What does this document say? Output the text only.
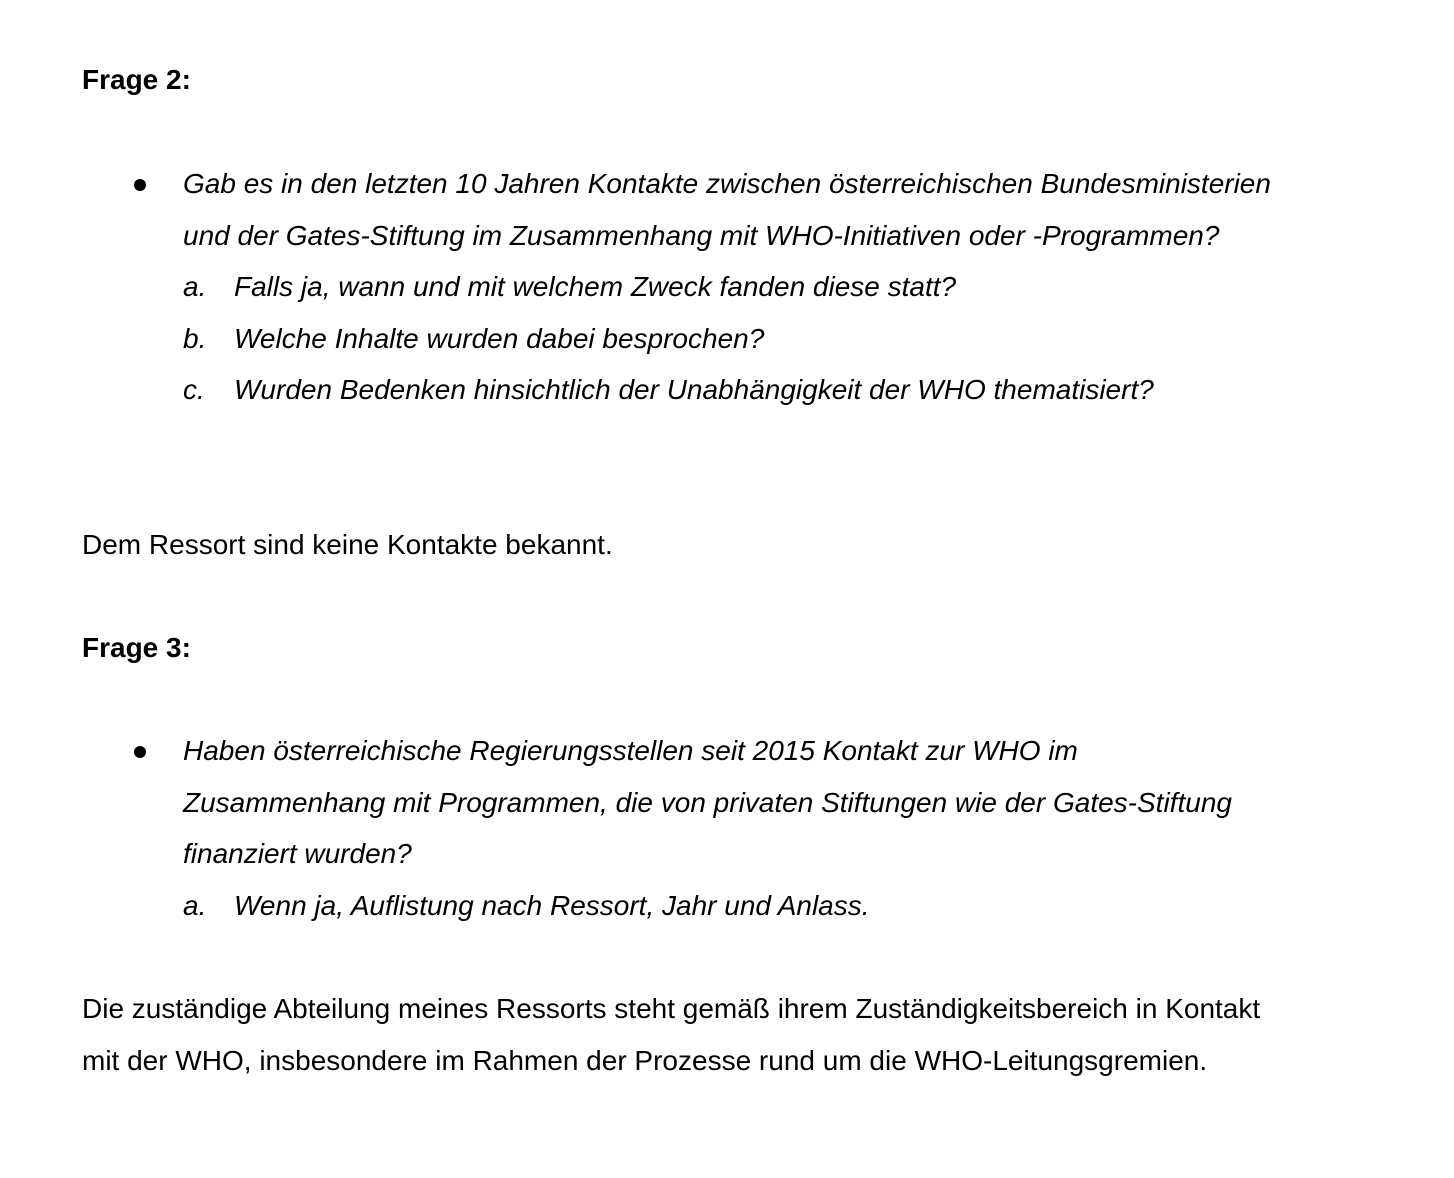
Frage 2:

Gab es in den letzten 10 Jahren Kontakte zwischen österreichischen Bundesministerien und der Gates-Stiftung im Zusammenhang mit WHO-Initiativen oder -Programmen?

a. Falls ja, wann und mit welchem Zweck fanden diese statt?
b. Welche Inhalte wurden dabei besprochen?
c.	Wurden Bedenken hinsichtlich der Unabhängigkeit der WHO thematisiert?

Dem Ressort sind keine Kontakte bekannt.

Frage 3:

Haben österreichische Regierungsstellen seit 2015 Kontakt zur WHO im Zusammenhang mit Programmen, die von privaten Stiftungen wie der Gates-Stiftung finanziert wurden?

a. Wenn ja, Auflistung nach Ressort, Jahr und Anlass.

Die zuständige Abteilung meines Ressorts steht gemäß ihrem Zuständigkeitsbereich in Kontakt mit der WHO, insbesondere im Rahmen der Prozesse rund um die WHO-Leitungsgremien.
